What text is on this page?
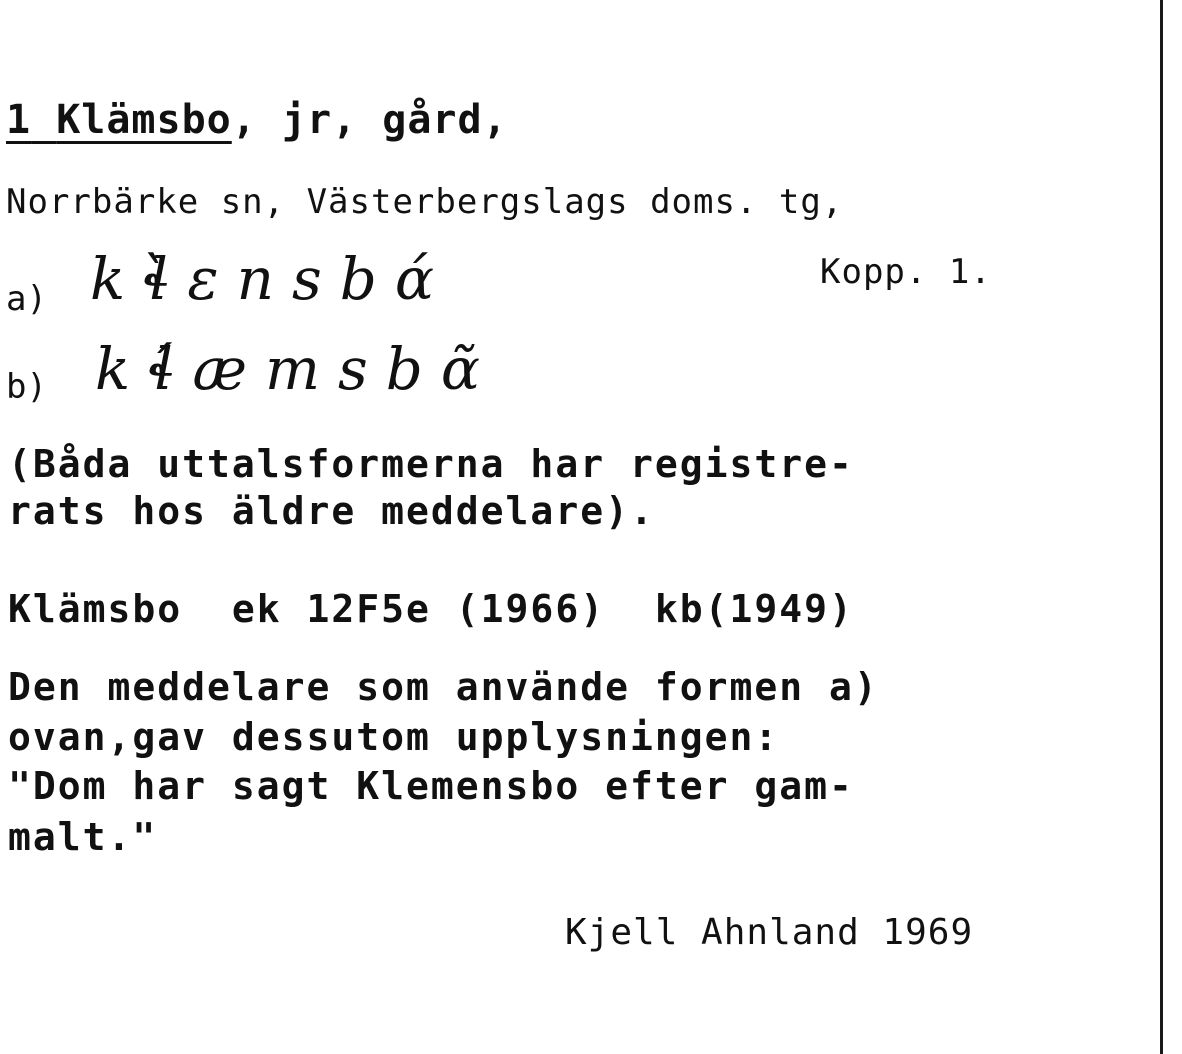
1 Klämsbo, jr, gård,
Norrbärke sn, Västerbergslags doms. tg,
Kopp. 1.
a) kɬ̀ɛnsbɑ́
b) kɬ́æmsbɑ̃
(Båda uttalsformerna har registre-
rats hos äldre meddelare).
Klämsbo  ek 12F5e (1966)  kb(1949)
Den meddelare som använde formen a)
ovan,gav dessutom upplysningen:
"Dom har sagt Klemensbo efter gam-
malt."
Kjell Ahnland 1969
